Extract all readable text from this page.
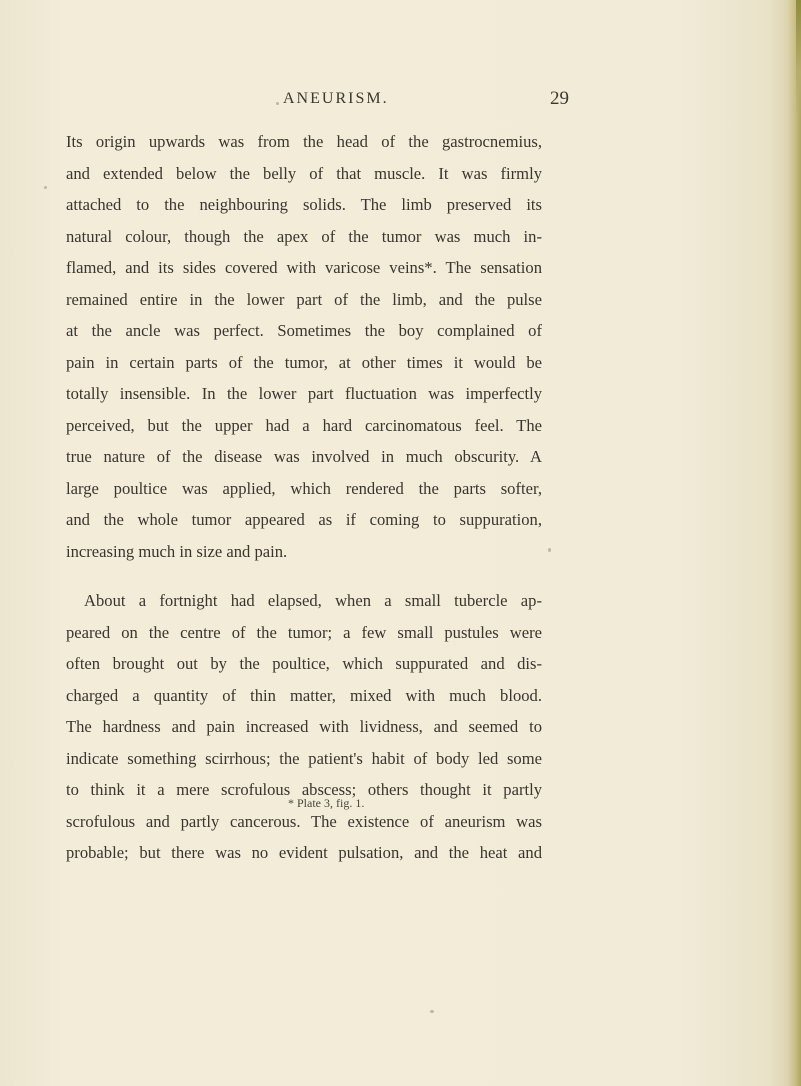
ANEURISM.	29
Its origin upwards was from the head of the gastrocnemius,
and extended below the belly of that muscle. It was firmly
attached to the neighbouring solids. The limb preserved its
natural colour, though the apex of the tumor was much in-
flamed, and its sides covered with varicose veins*. The sensation
remained entire in the lower part of the limb, and the pulse
at the ancle was perfect. Sometimes the boy complained of
pain in certain parts of the tumor, at other times it would be
totally insensible. In the lower part fluctuation was imperfectly
perceived, but the upper had a hard carcinomatous feel. The
true nature of the disease was involved in much obscurity. A
large poultice was applied, which rendered the parts softer,
and the whole tumor appeared as if coming to suppuration,
increasing much in size and pain.
About a fortnight had elapsed, when a small tubercle ap-
peared on the centre of the tumor; a few small pustules were
often brought out by the poultice, which suppurated and dis-
charged a quantity of thin matter, mixed with much blood.
The hardness and pain increased with lividness, and seemed to
indicate something scirrhous; the patient's habit of body led some
to think it a mere scrofulous abscess; others thought it partly
scrofulous and partly cancerous. The existence of aneurism was
probable; but there was no evident pulsation, and the heat and
* Plate 3, fig. 1.
